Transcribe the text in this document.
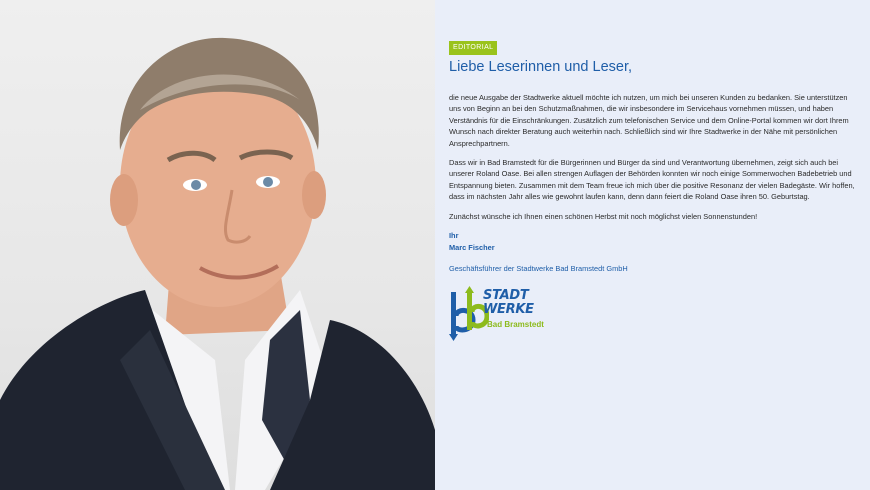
EDITORIAL
Liebe Leserinnen und Leser,

die neue Ausgabe der Stadtwerke aktuell möchte ich nutzen, um mich bei unseren Kunden zu bedanken. Sie unterstützen uns von Beginn an bei den Schutzmaßnahmen, die wir insbesondere im Servicehaus vornehmen müssen, und haben Verständnis für die Einschränkungen. Zusätzlich zum telefonischen Service und dem Online-Portal kommen wir dort Ihrem Wunsch nach direkter Beratung auch weiterhin nach. Schließlich sind wir Ihre Stadtwerke in der Nähe mit persönlichen Ansprechpartnern.

Dass wir in Bad Bramstedt für die Bürgerinnen und Bürger da sind und Verantwortung übernehmen, zeigt sich auch bei unserer Roland Oase. Bei allen strengen Auflagen der Behörden konnten wir noch einige Sommerwochen Badebetrieb und Entspannung bieten. Zusammen mit dem Team freue ich mich über die positive Resonanz der vielen Badegäste. Wir hoffen, dass im nächsten Jahr alles wie gewohnt laufen kann, denn dann feiert die Roland Oase ihren 50. Geburtstag.

Zunächst wünsche ich Ihnen einen schönen Herbst mit noch möglichst vielen Sonnenstunden!

Ihr
Marc Fischer
Geschäftsführer der Stadtwerke Bad Bramstedt GmbH
STADT
WERKE
Bad Bramstedt
